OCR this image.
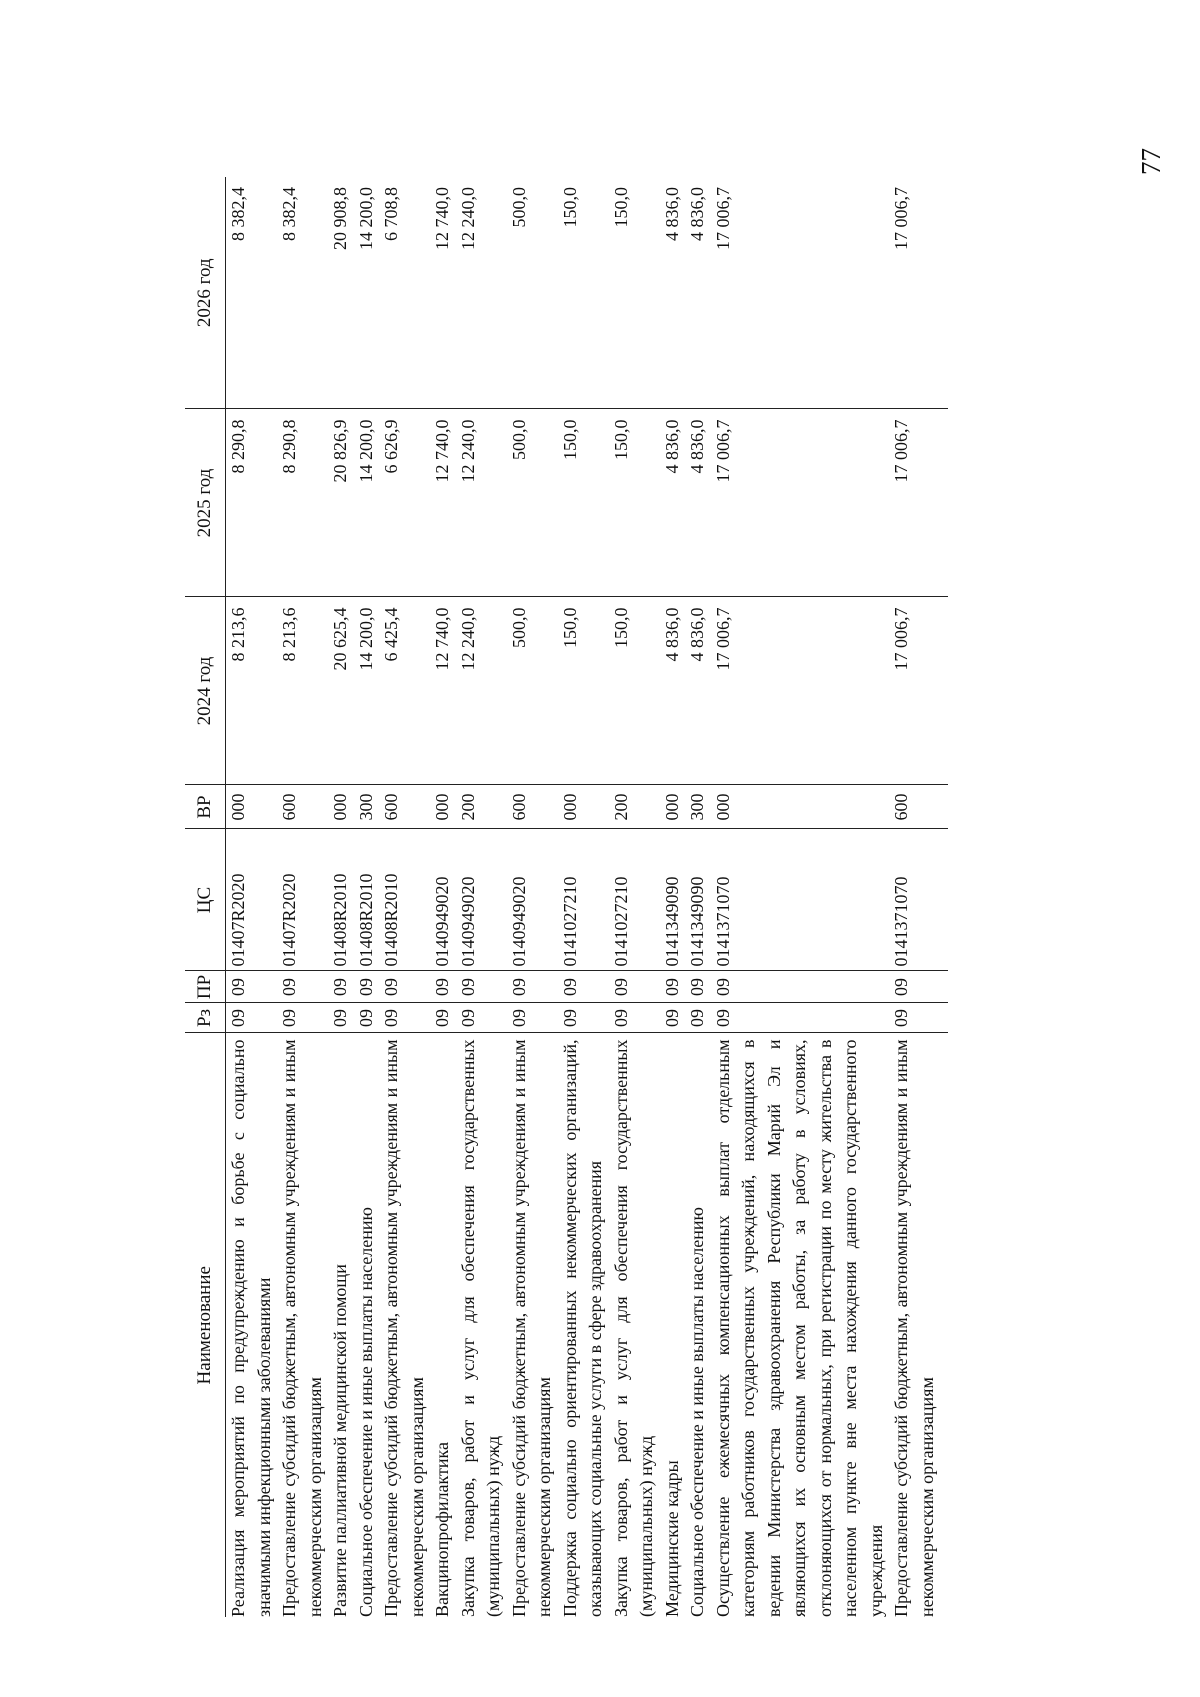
77
Наименование	Рз	ПР	ЦС	ВР	2024 год	2025 год	2026 год
Реализация мероприятий по предупреждению и борьбе с социально значимыми инфекционными заболеваниями	09	09	01407R2020	000	8 213,6	8 290,8	8 382,4
Предоставление субсидий бюджетным, автономным учреждениям и иным некоммерческим организациям	09	09	01407R2020	600	8 213,6	8 290,8	8 382,4
Развитие паллиативной медицинской помощи	09	09	01408R2010	000	20 625,4	20 826,9	20 908,8
Социальное обеспечение и иные выплаты населению	09	09	01408R2010	300	14 200,0	14 200,0	14 200,0
Предоставление субсидий бюджетным, автономным учреждениям и иным некоммерческим организациям	09	09	01408R2010	600	6 425,4	6 626,9	6 708,8
Вакцинопрофилактика	09	09	0140949020	000	12 740,0	12 740,0	12 740,0
Закупка товаров, работ и услуг для обеспечения государственных (муниципальных) нужд	09	09	0140949020	200	12 240,0	12 240,0	12 240,0
Предоставление субсидий бюджетным, автономным учреждениям и иным некоммерческим организациям	09	09	0140949020	600	500,0	500,0	500,0
Поддержка социально ориентированных некоммерческих организаций, оказывающих социальные услуги в сфере здравоохранения	09	09	0141027210	000	150,0	150,0	150,0
Закупка товаров, работ и услуг для обеспечения государственных (муниципальных) нужд	09	09	0141027210	200	150,0	150,0	150,0
Медицинские кадры	09	09	0141349090	000	4 836,0	4 836,0	4 836,0
Социальное обеспечение и иные выплаты населению	09	09	0141349090	300	4 836,0	4 836,0	4 836,0
Осуществление ежемесячных компенсационных выплат отдельным категориям работников государственных учреждений, находящихся в ведении Министерства здравоохранения Республики Марий Эл и являющихся их основным местом работы, за работу в условиях, отклоняющихся от нормальных, при регистрации по месту жительства в населенном пункте вне места нахождения данного государственного учреждения	09	09	0141371070	000	17 006,7	17 006,7	17 006,7
Предоставление субсидий бюджетным, автономным учреждениям и иным некоммерческим организациям	09	09	0141371070	600	17 006,7	17 006,7	17 006,7
